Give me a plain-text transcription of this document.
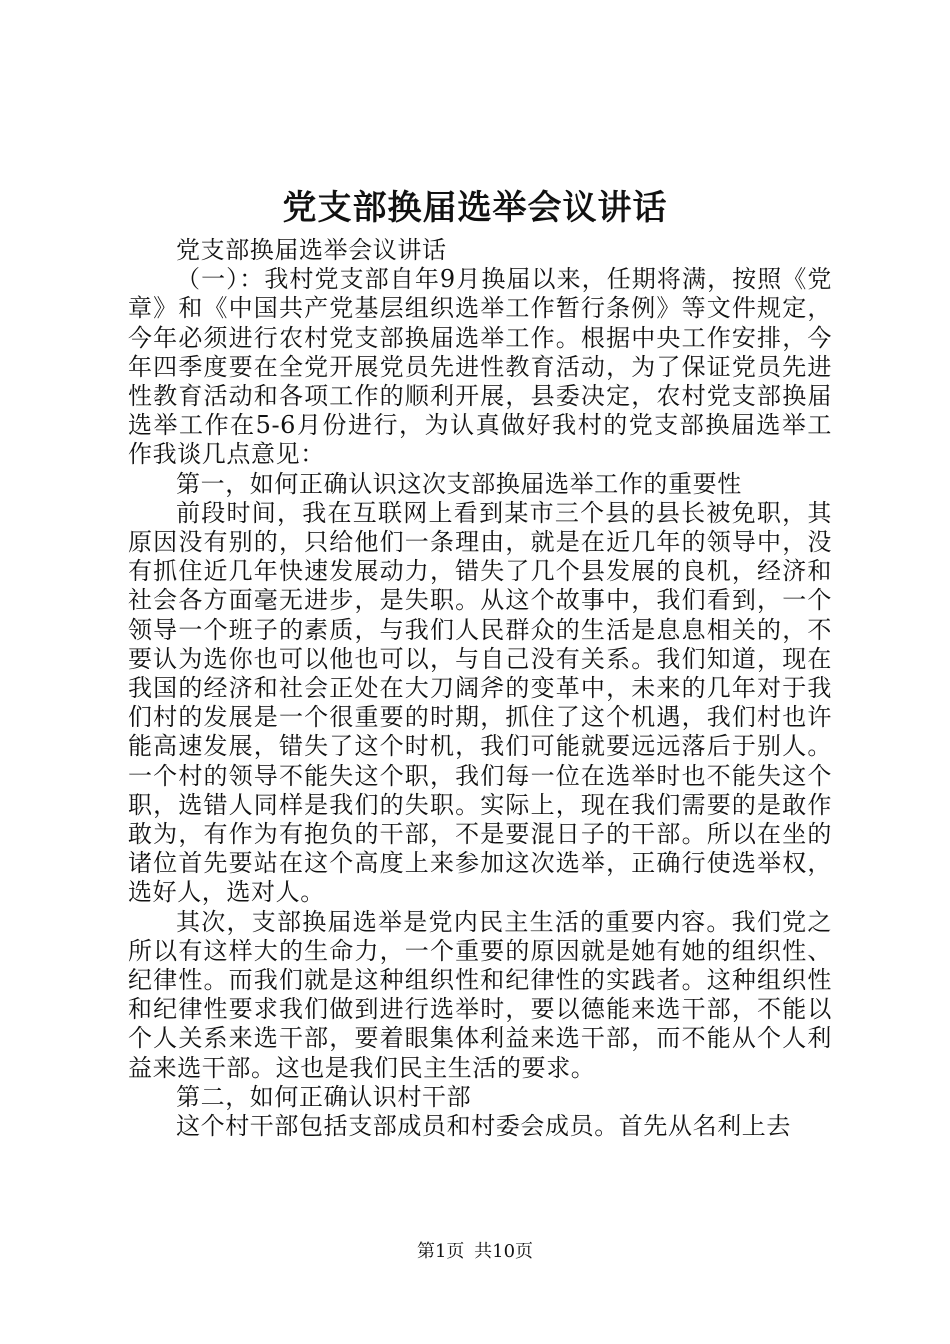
党支部换届选举会议讲话

党支部换届选举会议讲话

（一）：我村党支部自年9月换届以来，任期将满，按照《党章》和《中国共产党基层组织选举工作暂行条例》等文件规定，今年必须进行农村党支部换届选举工作。根据中央工作安排，今年四季度要在全党开展党员先进性教育活动，为了保证党员先进性教育活动和各项工作的顺利开展，县委决定，农村党支部换届选举工作在5-6月份进行，为认真做好我村的党支部换届选举工作我谈几点意见：

第一，如何正确认识这次支部换届选举工作的重要性

前段时间，我在互联网上看到某市三个县的县长被免职，其原因没有别的，只给他们一条理由，就是在近几年的领导中，没有抓住近几年快速发展动力，错失了几个县发展的良机，经济和社会各方面毫无进步，是失职。从这个故事中，我们看到，一个领导一个班子的素质，与我们人民群众的生活是息息相关的，不要认为选你也可以他也可以，与自己没有关系。我们知道，现在我国的经济和社会正处在大刀阔斧的变革中，未来的几年对于我们村的发展是一个很重要的时期，抓住了这个机遇，我们村也许能高速发展，错失了这个时机，我们可能就要远远落后于别人。一个村的领导不能失这个职，我们每一位在选举时也不能失这个职，选错人同样是我们的失职。实际上，现在我们需要的是敢作敢为，有作为有抱负的干部，不是要混日子的干部。所以在坐的诸位首先要站在这个高度上来参加这次选举，正确行使选举权，选好人，选对人。

其次，支部换届选举是党内民主生活的重要内容。我们党之所以有这样大的生命力，一个重要的原因就是她有她的组织性、纪律性。而我们就是这种组织性和纪律性的实践者。这种组织性和纪律性要求我们做到进行选举时，要以德能来选干部，不能以个人关系来选干部，要着眼集体利益来选干部，而不能从个人利益来选干部。这也是我们民主生活的要求。

第二，如何正确认识村干部

这个村干部包括支部成员和村委会成员。首先从名利上去

第1页 共10页
